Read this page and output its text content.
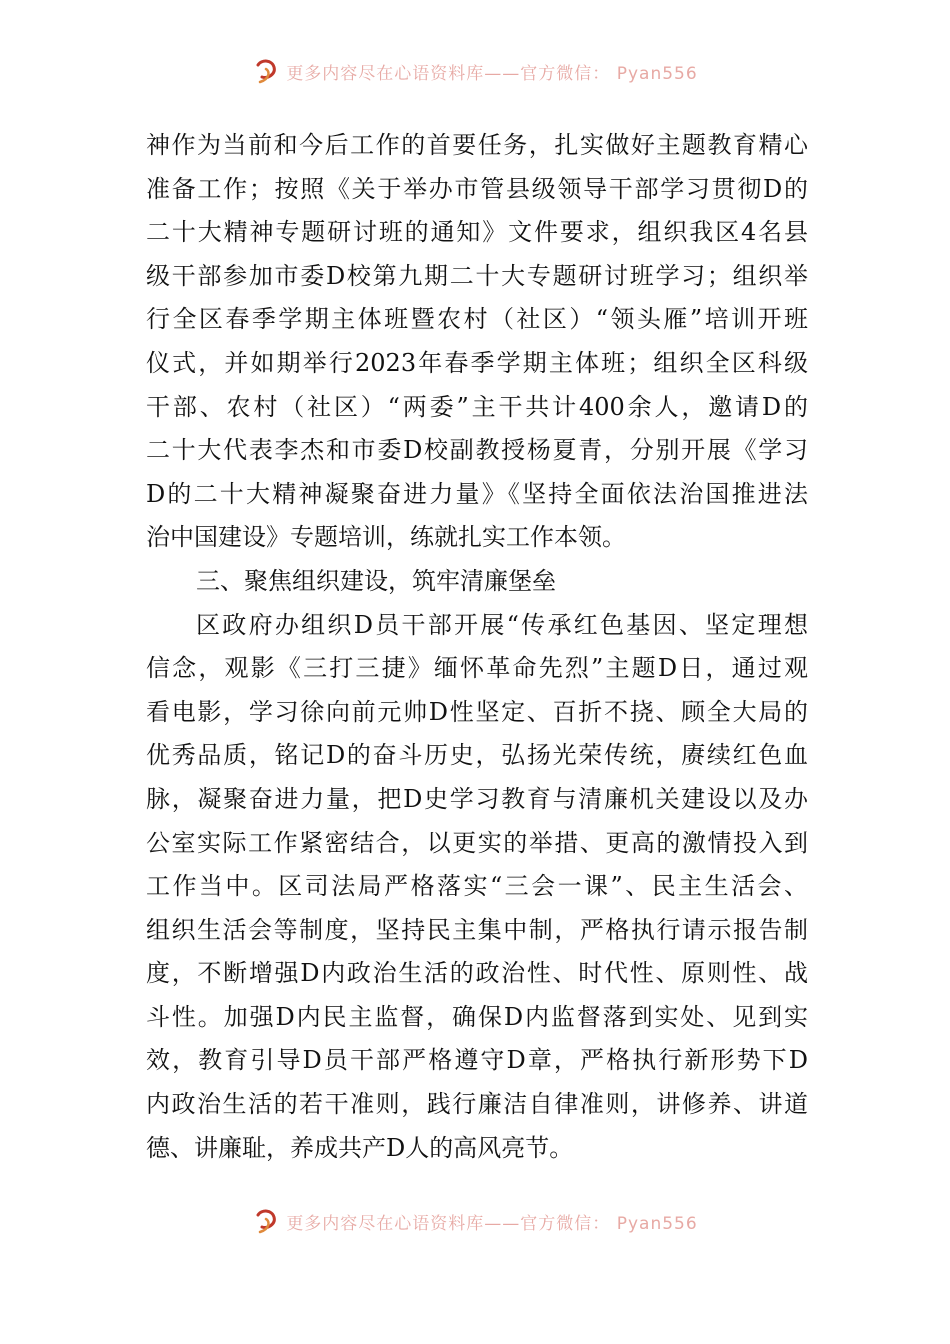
更多内容尽在心语资料库——官方微信： Pyan556
神作为当前和今后工作的首要任务，扎实做好主题教育精心
准备工作；按照《关于举办市管县级领导干部学习贯彻D的
二十大精神专题研讨班的通知》文件要求，组织我区4名县
级干部参加市委D校第九期二十大专题研讨班学习；组织举
行全区春季学期主体班暨农村（社区）“领头雁”培训开班
仪式，并如期举行2023年春季学期主体班；组织全区科级
干部、农村（社区）“两委”主干共计400余人，邀请D的
二十大代表李杰和市委D校副教授杨夏青，分别开展《学习
D的二十大精神凝聚奋进力量》《坚持全面依法治国推进法
治中国建设》专题培训，练就扎实工作本领。
三、聚焦组织建设，筑牢清廉堡垒
区政府办组织D员干部开展“传承红色基因、坚定理想
信念，观影《三打三捷》缅怀革命先烈”主题D日，通过观
看电影，学习徐向前元帅D性坚定、百折不挠、顾全大局的
优秀品质，铭记D的奋斗历史，弘扬光荣传统，赓续红色血
脉，凝聚奋进力量，把D史学习教育与清廉机关建设以及办
公室实际工作紧密结合，以更实的举措、更高的激情投入到
工作当中。区司法局严格落实“三会一课”、民主生活会、
组织生活会等制度，坚持民主集中制，严格执行请示报告制
度，不断增强D内政治生活的政治性、时代性、原则性、战
斗性。加强D内民主监督，确保D内监督落到实处、见到实
效，教育引导D员干部严格遵守D章，严格执行新形势下D
内政治生活的若干准则，践行廉洁自律准则，讲修养、讲道
德、讲廉耻，养成共产D人的高风亮节。
更多内容尽在心语资料库——官方微信： Pyan556
